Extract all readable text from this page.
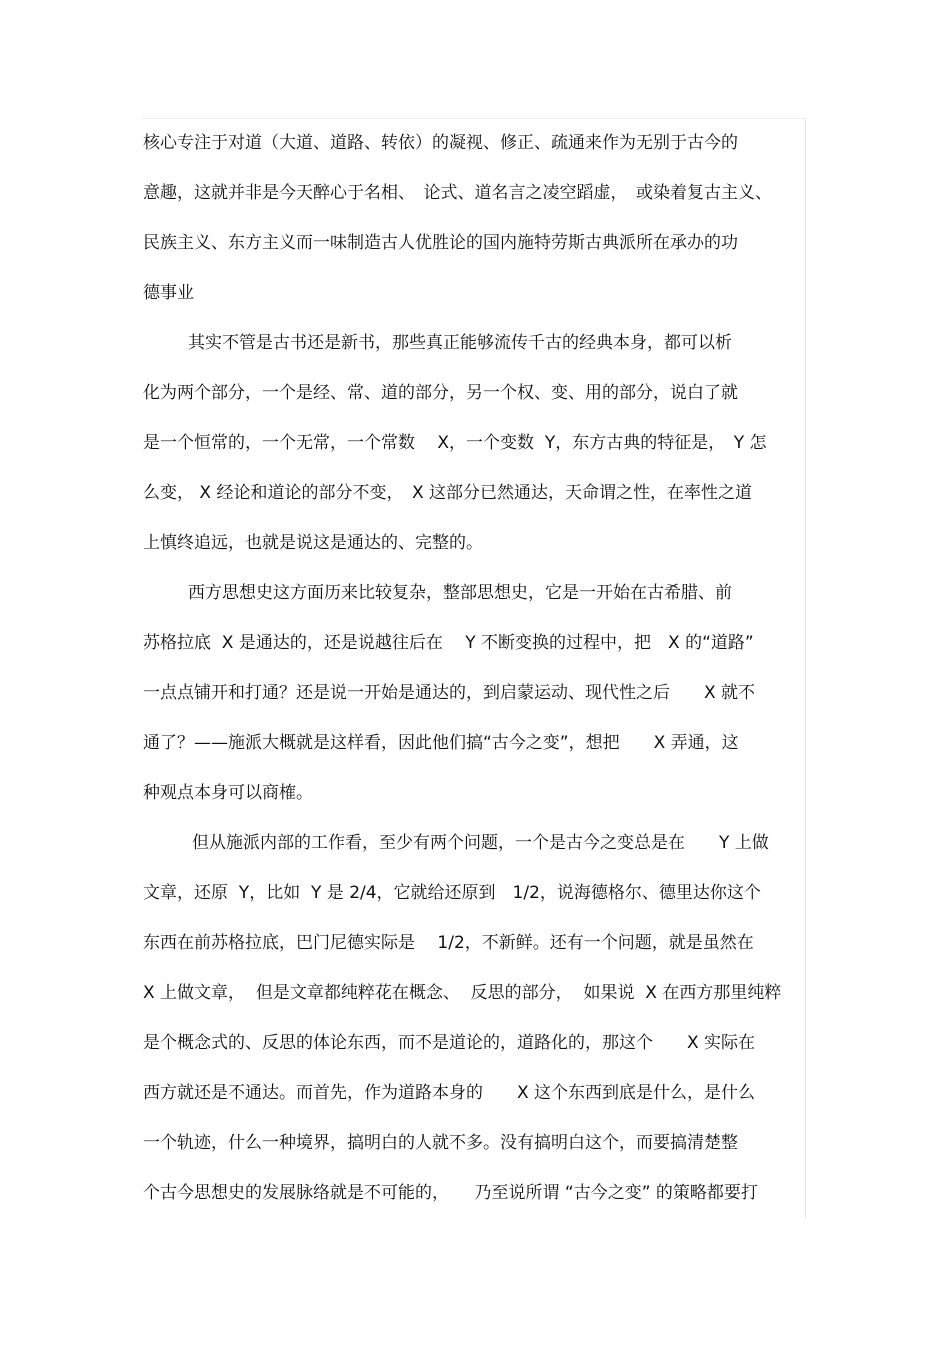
核心专注于对道（大道、道路、转依）的凝视、修正、疏通来作为无别于古今的
意趣，这就并非是今天醉心于名相、　论式、道名言之凌空蹈虚，　或染着复古主义、
民族主义、东方主义而一味制造古人优胜论的国内施特劳斯古典派所在承办的功
德事业
其实不管是古书还是新书，那些真正能够流传千古的经典本身，都可以析
化为两个部分，一个是经、常、道的部分，另一个权、变、用的部分，说白了就
是一个恒常的，一个无常，一个常数　 X，一个变数  Y，东方古典的特征是，　Y 怎
么变， X 经论和道论的部分不变，　X 这部分已然通达，天命谓之性，在率性之道
上慎终追远，也就是说这是通达的、完整的。
西方思想史这方面历来比较复杂，整部思想史，它是一开始在古希腊、前
苏格拉底  X 是通达的，还是说越往后在　 Y 不断变换的过程中，把　X 的“道路”
一点点铺开和打通？还是说一开始是通达的，到启蒙运动、现代性之后　　X 就不
通了？——施派大概就是这样看，因此他们搞“古今之变”，想把　　X 弄通，这
种观点本身可以商榷。
但从施派内部的工作看，至少有两个问题，一个是古今之变总是在　　Y 上做
文章，还原  Y，比如  Y 是 2/4，它就给还原到　1/2，说海德格尔、德里达你这个
东西在前苏格拉底，巴门尼德实际是　 1/2，不新鲜。还有一个问题，就是虽然在
X 上做文章，  但是文章都纯粹花在概念、  反思的部分，  如果说  X 在西方那里纯粹
是个概念式的、反思的体论东西，而不是道论的，道路化的，那这个　　X 实际在
西方就还是不通达。而首先，作为道路本身的　　X 这个东西到底是什么，是什么
一个轨迹，什么一种境界，搞明白的人就不多。没有搞明白这个，而要搞清楚整
个古今思想史的发展脉络就是不可能的，　　乃至说所谓 “古今之变” 的策略都要打
